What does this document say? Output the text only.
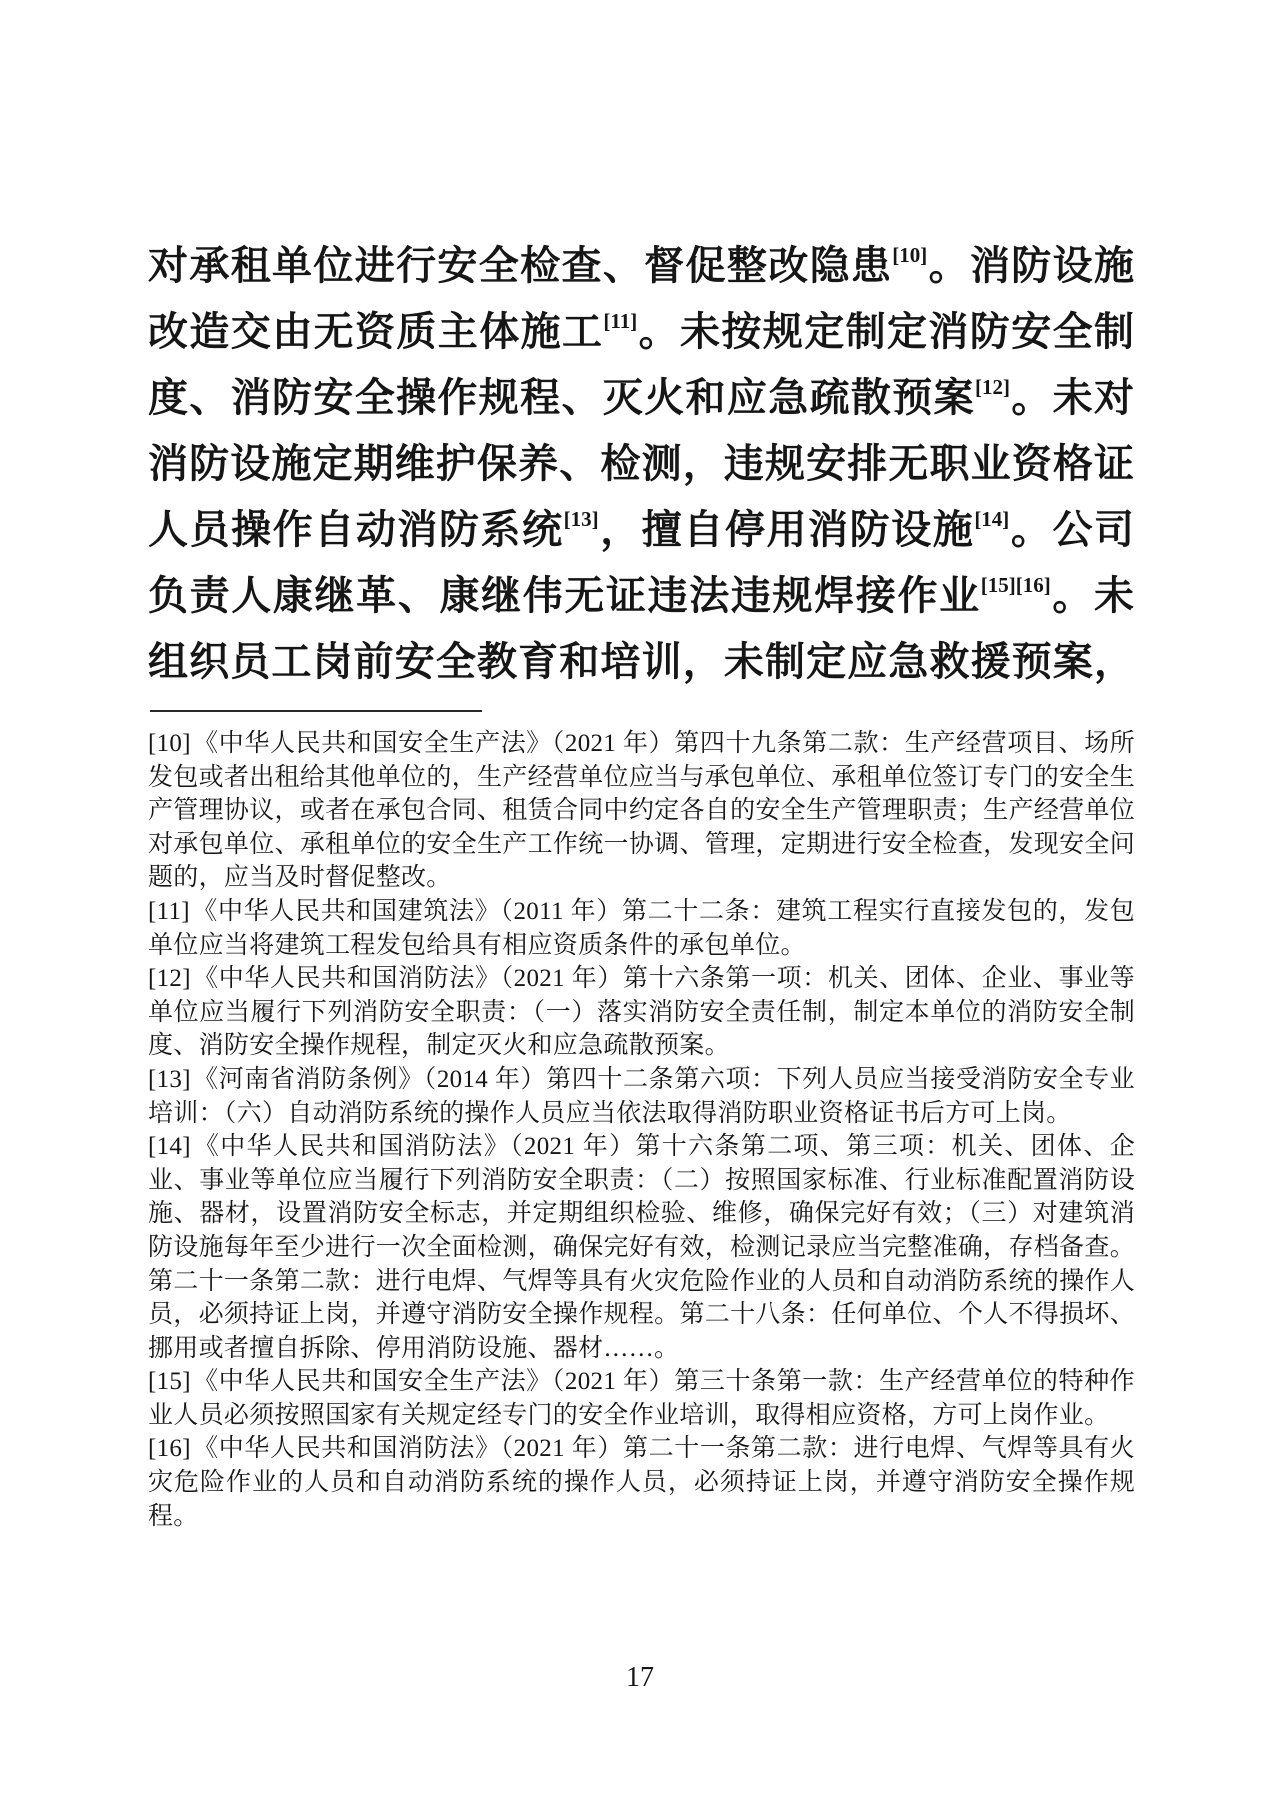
对承租单位进行安全检查、督促整改隐患[10]。消防设施

改造交由无资质主体施工[11]。未按规定制定消防安全制

度、消防安全操作规程、灭火和应急疏散预案[12]。未对

消防设施定期维护保养、检测，违规安排无职业资格证

人员操作自动消防系统[13]，擅自停用消防设施[14]。公司

负责人康继革、康继伟无证违法违规焊接作业[15][16]。未

组织员工岗前安全教育和培训，未制定应急救援预案，

[10]《中华人民共和国安全生产法》（2021 年）第四十九条第二款：生产经营项目、场所发包或者出租给其他单位的，生产经营单位应当与承包单位、承租单位签订专门的安全生产管理协议，或者在承包合同、租赁合同中约定各自的安全生产管理职责；生产经营单位对承包单位、承租单位的安全生产工作统一协调、管理，定期进行安全检查，发现安全问题的，应当及时督促整改。

[11]《中华人民共和国建筑法》（2011 年）第二十二条：建筑工程实行直接发包的，发包单位应当将建筑工程发包给具有相应资质条件的承包单位。

[12]《中华人民共和国消防法》（2021 年）第十六条第一项：机关、团体、企业、事业等单位应当履行下列消防安全职责：（一）落实消防安全责任制，制定本单位的消防安全制度、消防安全操作规程，制定灭火和应急疏散预案。

[13]《河南省消防条例》（2014 年）第四十二条第六项：下列人员应当接受消防安全专业培训：（六）自动消防系统的操作人员应当依法取得消防职业资格证书后方可上岗。

[14]《中华人民共和国消防法》（2021 年）第十六条第二项、第三项：机关、团体、企业、事业等单位应当履行下列消防安全职责：（二）按照国家标准、行业标准配置消防设施、器材，设置消防安全标志，并定期组织检验、维修，确保完好有效；（三）对建筑消防设施每年至少进行一次全面检测，确保完好有效，检测记录应当完整准确，存档备查。第二十一条第二款：进行电焊、气焊等具有火灾危险作业的人员和自动消防系统的操作人员，必须持证上岗，并遵守消防安全操作规程。第二十八条：任何单位、个人不得损坏、挪用或者擅自拆除、停用消防设施、器材……。

[15]《中华人民共和国安全生产法》（2021 年）第三十条第一款：生产经营单位的特种作业人员必须按照国家有关规定经专门的安全作业培训，取得相应资格，方可上岗作业。

[16]《中华人民共和国消防法》（2021 年）第二十一条第二款：进行电焊、气焊等具有火灾危险作业的人员和自动消防系统的操作人员，必须持证上岗，并遵守消防安全操作规程。

17
